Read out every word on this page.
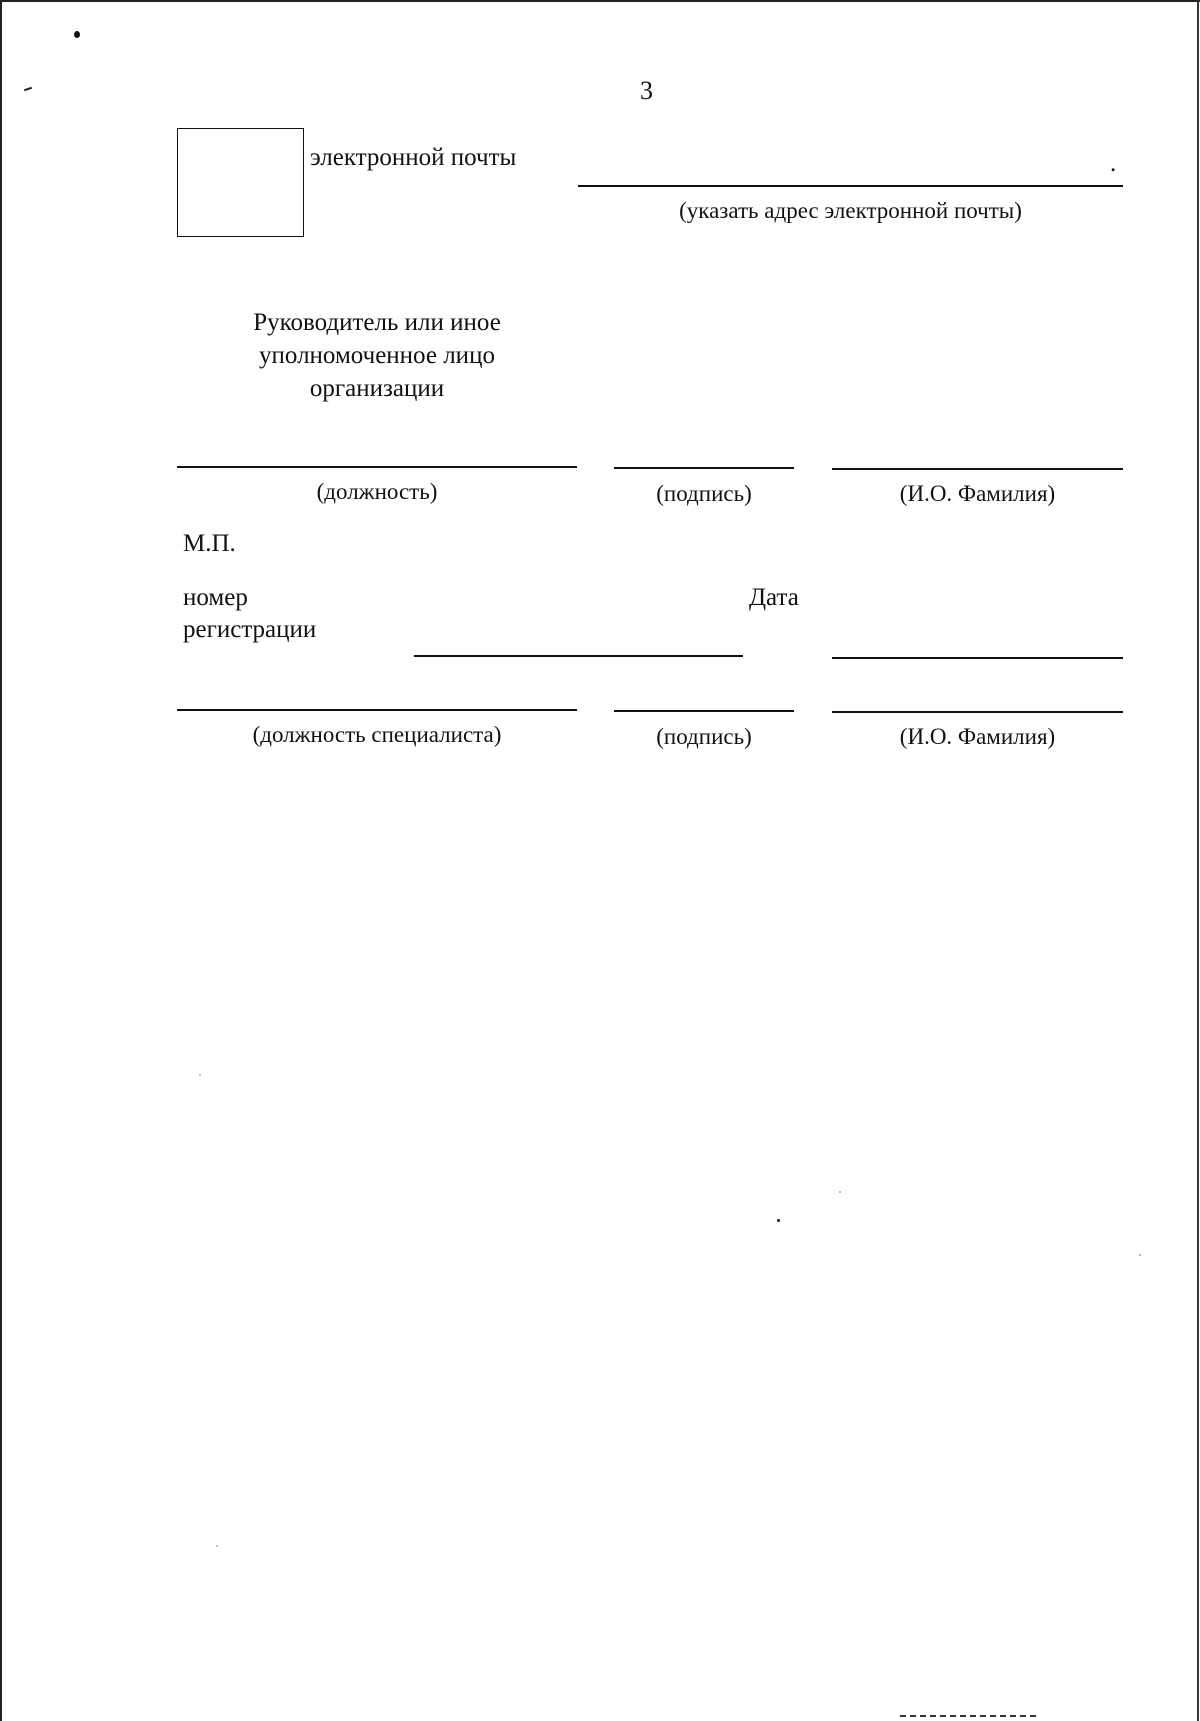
3
электронной почты	.
(указать адрес электронной почты)
Руководитель или иное
уполномоченное лицо
организации
(должность)	(подпись)	(И.О. Фамилия)
М.П.
номер
регистрации
Дата
(должность специалиста)	(подпись)	(И.О. Фамилия)
